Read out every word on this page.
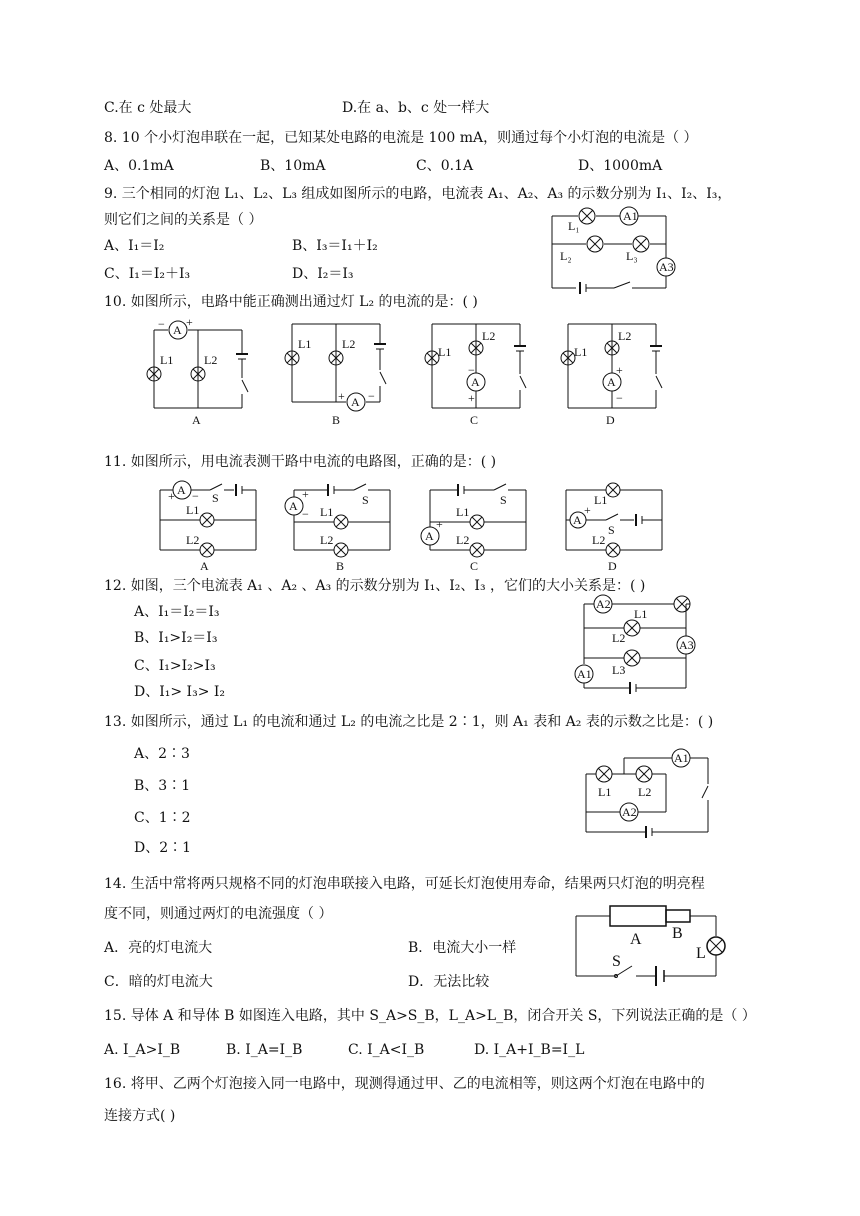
C.在 c 处最大	D.在 a、b、c 处一样大
8. 10 个小灯泡串联在一起，已知某处电路的电流是 100 mA，则通过每个小灯泡的电流是（ ）
A、0.1mA	B、10mA	C、0.1A	D、1000mA
9. 三个相同的灯泡 L₁、L₂、L₃ 组成如图所示的电路，电流表 A₁、A₂、A₃ 的示数分别为 I₁、I₂、I₃，
则它们之间的关系是（ ）
A、I₁＝I₂	B、I₃＝I₁＋I₂
C、I₁＝I₂＋I₃	D、I₂＝I₃
A1
A3
L₁
L₂	L₃
10. 如图所示，电路中能正确测出通过灯 L₂ 的电流的是：( )
A
− +
L1	L2
A
A
+ −
L1	L2
B
A
−
+
L1
L2
C
A
+
−
L1
L2
D
11. 如图所示，用电流表测干路中电流的电路图，正确的是：( )
A
+ − S
L1
L2
A
A
+
−
S
L1
L2
B
A
+
S
L1
L2
C
A
+
L1
S
L2
D
12. 如图，三个电流表 A₁ 、A₂ 、A₃ 的示数分别为 I₁、I₂、I₃ ，它们的大小关系是：( )
A、I₁＝I₂＝I₃
B、I₁>I₂＝I₃
C、I₁>I₂>I₃
D、I₁> I₃> I₂
A2
A3
A1
L1
L2
L3
13. 如图所示，通过 L₁ 的电流和通过 L₂ 的电流之比是 2∶1，则 A₁ 表和 A₂ 表的示数之比是：( )
A、2∶3
B、3∶1
C、1∶2
D、2∶1
A1
A2
L1 L2
14. 生活中常将两只规格不同的灯泡串联接入电路，可延长灯泡使用寿命，结果两只灯泡的明亮程
度不同，则通过两灯的电流强度（ ）
A．亮的灯电流大	B．电流大小一样
C．暗的灯电流大	D．无法比较
A B
L
S
15. 导体 A 和导体 B 如图连入电路，其中 S_A>S_B，L_A>L_B，闭合开关 S，下列说法正确的是（ ）
A. I_A>I_B	B. I_A=I_B	C. I_A<I_B	D. I_A+I_B=I_L
16. 将甲、乙两个灯泡接入同一电路中，现测得通过甲、乙的电流相等，则这两个灯泡在电路中的
连接方式( )
